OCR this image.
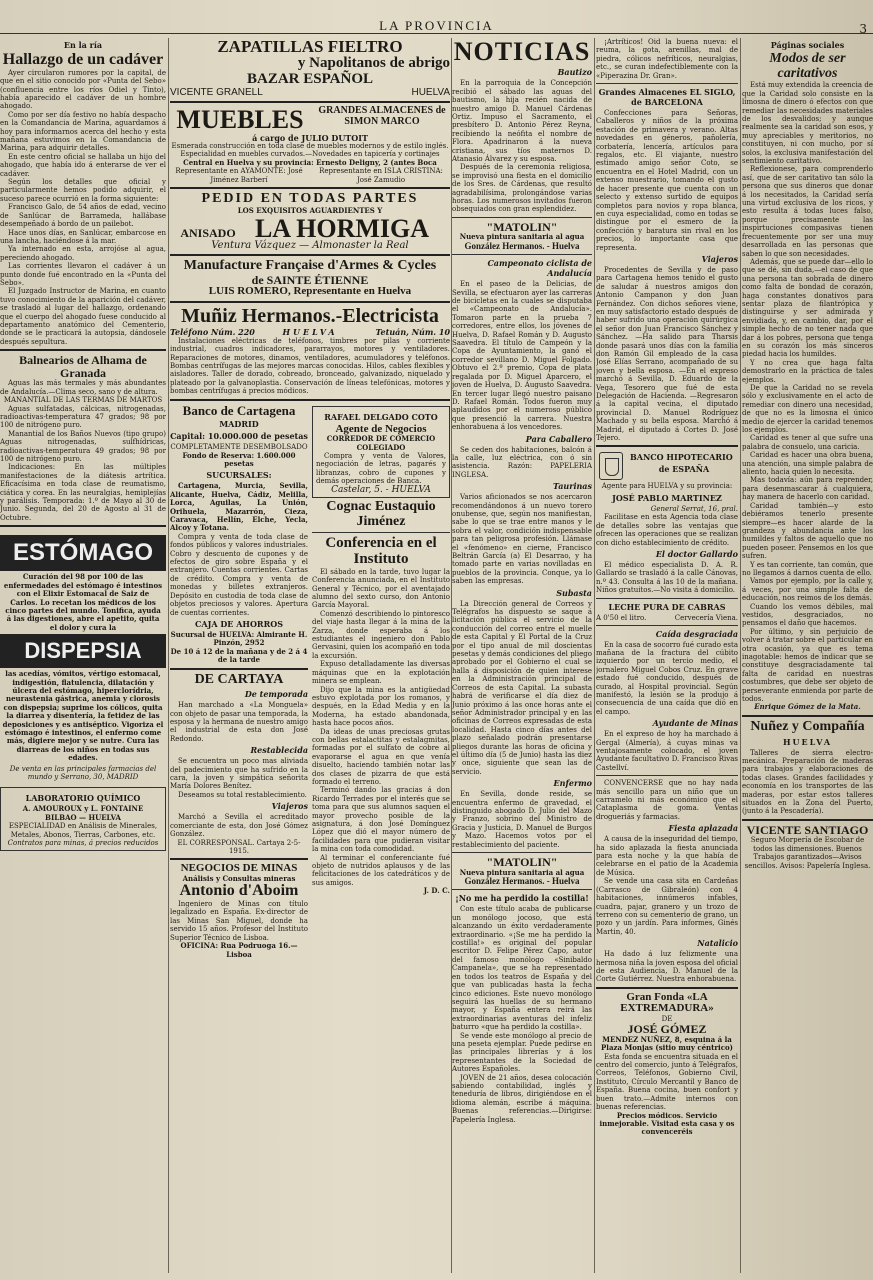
LA PROVINCIA	3
En la ría
Hallazgo de un cadáver

Ayer circularon rumores por la capital, de que en el sitio conocido por «Punta del Sebo» (confluencia entre los ríos Odiel y Tinto), había aparecido el cadáver de un hombre ahogado.

Como por ser día festivo no había despacho en la Comandancia de Marina, aguardamos á hoy para informarnos acerca del hecho y esta mañana estuvimos en la Comandancia de Marina, para adquirir detalles.

En este centro oficial se hallaba un hijo del ahogado, que había ido á enterarse de ver el cadáver.

Según los detalles que oficial y particularmente hemos podido adquirir, el suceso parece ocurrió en la forma siguiente:

Francisco Galo, de 54 años de edad, vecino de Sanlúcar de Barrameda, hallábase desempeñado á bordo de un pailebot.

Hace unos días, en Sanlúcar, embarcose en una lancha, haciéndose á la mar.

Ya internado en esta, arrojóse al agua, pereciendo ahogado.

Las corrientes llevaron el cadáver á un punto donde fué encontrado en la «Punta del Sebo».

El Juzgado Instructor de Marina, en cuanto tuvo conocimiento de la aparición del cadáver, se trasladó al lugar del hallazgo, ordenando que el cuerpo del ahogado fuese conducido al departamento anatómico del Cementerio, donde se le practicará la autopsia, dándosele después sepultura.

Balnearios de Alhama de Granada

Aguas las más termales y más abundantes de Andalucía.—Clima seco, sano y de altura.

MANANTIAL DE LAS TERMAS DE MARTOS

Aguas sulfatadas, cálcicas, nitrogenadas, radioactivas-temperatura 47 grados; 98 por 100 de nitrógeno puro.

Manantial de los Baños Nuevos (tipo grupo) Aguas nitrogenadas, sulfhídricas, radioactivas-temperatura 49 grados; 98 por 100 de nitrógeno puro.

Indicaciones: En las múltiples manifestaciones de la diátesis artrítica. Eficacísima en toda clase de reumatismo, ciática y corea. En las neuralgias, hemiplejías y parálisis. Temporada: 1.º de Mayo al 30 de Junio. Segunda, del 20 de Agosto al 31 de Octubre.

ESTÓMAGO

Curación del 98 por 100 de las enfermedades del estómago é intestinos con el Elixir Estomacal de Saiz de Carlos. Lo recetan los médicos de los cinco partes del mundo. Tonifica, ayuda á las digestiones, abre el apetito, quita el dolor y cura la

DISPEPSIA

las acedías, vómitos, vértigo estomacal, indigestión, flatulencia, dilatación y úlcera del estómago, hiperclorídria, neurastenia gástrica, anemia y clorosis con dispepsia; suprime los cólicos, quita la diarrea y disentería, la fetidez de las deposiciones y es antiséptico. Vigoriza el estómago é intestinos, el enfermo come más, digiere mejor y se nutre. Cura las diarreas de los niños en todas sus edades.

De venta en las principales farmacias del mundo y Serrano, 30, MADRID

LABORATORIO QUÍMICO
A. AMOUROUX y L. FONTAINE
BILBAO — HUELVA
ESPECIALIDAD en Análisis de Minerales, Metales, Abonos, Tierras, Carbones, etc.
Contratos para minas, á precios reducidos
ZAPATILLAS FIELTRO
y Napolitanos de abrigo
BAZAR ESPAÑOL
VICENTE GRANELL	HUELVA
MUEBLES	GRANDES ALMACENES de SIMON MARCO
á cargo de JULIO DUTOIT

Esmerada construcción en toda clase de muebles modernos y de estilo inglés. Especialidad en muebles curvados.—Novedades en tapicería y cortinajes

Central en Huelva y su provincia: Ernesto Deligny, 2 (antes Boca

Representante en AYAMONTE: José Jiménez Barberí
Representante en ISLA CRISTINA: José Zamudio
PEDID EN TODAS PARTES
LOS EXQUISITOS AGUARDIENTES Y
ANISADO LA HORMIGA
Ventura Vázquez — Almonaster la Real
Manufacture Française d'Armes & Cycles
de SAINTE ÉTIENNE
LUIS ROMERO, Representante en Huelva
Muñiz Hermanos.-Electricista
Teléfono Núm. 220	HUELVA	Tetuán, Núm. 10

Instalaciones eléctricas de teléfonos, timbres por pilas y corriente industrial, cuadros indicadores, pararrayos, motores y ventiladores. Reparaciones de motores, dinamos, ventiladores, acumuladores y teléfonos. Bombas centrífugas de las mejores marcas conocidas. Hilos, cables flexibles y aisladores. Taller de dorado, cobreado, bronceado, galvanizado, niquelado y plateado por la galvanoplastia. Conservación de líneas telefónicas, motores y bombas centrífugas á precios módicos.

Banco de Cartagena
MADRID
Capital: 10.000.000 de pesetas
COMPLETAMENTE DESEMBOLSADO
Fondo de Reserva: 1.600.000 pesetas
SUCURSALES:

Cartagena, Murcia, Sevilla, Alicante, Huelva, Cádiz, Melilla, Lorca, Aguilas, La Unión, Orihuela, Mazarrón, Cieza, Caravaca, Hellín, Elche, Yecla, Alcoy y Totana.

Compra y venta de toda clase de fondos públicos y valores industriales. Cobro y descuento de cupones y de efectos de giro sobre España y el extranjero. Cuentas corrientes. Cartas de crédito. Compra y venta de monedas y billetes extranjeros. Depósito en custodia de toda clase de objetos preciosos y valores. Apertura de cuentas corrientes.

CAJA DE AHORROS

Sucursal de HUELVA: Almirante H. Pinzón, 2952

De 10 á 12 de la mañana y de 2 á 4 de la tarde

DE CARTAYA

De temporada

Han marchado a «La Monguela» con objeto de pasar una temporada, la esposa y la hermana de nuestro amigo el industrial de esta don José Redondo.

Restablecida

Se encuentra un poco mas aliviada del padecimiento que ha sufrido en la cara, la joven y simpática señorita María Dolores Benítez.

Deseamos su total restablecimiento.

Viajeros

Marchó a Sevilla el acreditado comerciante de esta, don José Gómez González.

EL CORRESPONSAL. Cartaya 2-5-1915.

NEGOCIOS DE MINAS
Análisis y Consultas mineras
Antonio d'Aboim

Ingeniero de Minas con título legalizado en España. Ex-director de las Minas San Miguel, donde ha servido 15 años. Profesor del Instituto Superior Técnico de Lisboa.

OFICINA: Rua Podruoga 16.—Lisboa

RAFAEL DELGADO COTO
Agente de Negocios
CORREDOR DE COMERCIO COLEGIADO

Compra y venta de Valores, negociación de letras, pagarés y libranzas, cobro de cupones y demás operaciones de Banca.

Castelar, 5. - HUELVA
Cognac Eustaquio Jiménez
Conferencia en el Instituto

El sábado en la tarde, tuvo lugar la Conferencia anunciada, en el Instituto General y Técnico, por el aventajado alumno del sexto curso, don Antonio García Mayoral.

Comenzó describiendo lo pintoresco del viaje hasta llegar á la mina de la Zarza, donde esperaba á los estudiantes el ingeniero don Pablo Gervasini, quien los acompañó en toda la excursión.

Expuso detalladamente las diversas máquinas que en la explotación minera se emplean.

Dijo que la mina es la antigüedad estuvo explotada por los romanos, y después, en la Edad Media y en la Moderna, ha estado abandonada, hasta hace pocos años.

Da ideas de unas preciosas grutas con bellas estalactitas y estalagmitas, formadas por el sulfato de cobre al evaporarse el agua en que venía disuelto, haciendo también notar las dos clases de pizarra de que está formado el terreno.

Terminó dando las gracias á don Ricardo Terrades por el interés que se toma para que sus alumnos saquen el mayor provecho posible de la asignatura, á don José Domínguez López que dió el mayor número de facilidades para que pudieran visitar la mina con toda comodidad.

Al terminar el conferenciante fué objeto de nutridos aplausos y de las felicitaciones de los catedráticos y de sus amigos.

J. D. C.

NOTICIAS
Bautizo

En la parroquia de la Concepción recibió el sábado las aguas del bautismo, la hija recién nacida de nuestro amigo D. Manuel Cárdenas Ortiz. Impuso el Sacramento, el presbítero D. Antonio Pérez Reyna, recibiendo la neófita el nombre de Flora. Apadrinaron á la nueva cristiana, sus tíos maternos D. Atanasio Álvarez y su esposa.

Después de la ceremonia religiosa, se improvisó una fiesta en el domicilio de los Sres. de Cárdenas, que resultó agradabilísima, prolongándose varias horas. Los numerosos invitados fueron obsequiados con gran esplendidez.

"MATOLIN"
Nueva pintura sanitaria al agua
González Hermanos. - Huelva
Campeonato ciclista de Andalucía

En el paseo de la Delicias, de Sevilla, se efectuaron ayer las carreras de bicicletas en la cuales se disputaba el «Campeonato de Andalucía». Tomaron parte en la prueba 7 corredores, entre ellos, los jóvenes de Huelva, D. Rafael Román y D. Augusto Saavedra. El título de Campeón y la Copa de Ayuntamiento, la ganó el corredor sevillano D. Miguel Folgado. Obtuvo el 2.º premio, Copa de plata regalada por D. Miguel Aparcero, el joven de Huelva, D. Augusto Saavedra. En tercer lugar llegó nuestro paisano D. Rafael Román. Todos fueron muy aplaudidos por el numeroso público que presenció la carrera. Nuestra enhorabuena á los vencedores.

Para Caballero

Se ceden dos habitaciones, balcón á la calle, luz eléctrica, con ó sin asistencia. Razón: PAPELERIA INGLESA.

Taurinas

Varios aficionados se nos acercaron recomendándonos á un nuevo torero onubense, que, según nos manifiestan, sabe lo que se trae entre manos y le sobra el valor, condición indispensable para tan peligrosa profesión. Llámase el «fenómeno» en cierne, Francisco Beltrán García (a) El Desarrao, y ha tomado parte en varias novilladas en pueblos de la provincia. Conque, ya lo saben las empresas.

Subasta

La Dirección general de Correos y Telégrafos ha dispuesto se saque á licitación pública el servicio de la conducción del correo entre el muelle de esta Capital y El Portal de la Cruz por el tipo anual de mil doscientas pesetas y demás condiciones del pliego aprobado por el Gobierno el cual se halla á disposición de quien interese en la Administración principal de Correos de esta Capital. La subasta habrá de verificarse el día diez de Junio próximo á las once horas ante el señor Administrador principal y en las oficinas de Correos expresadas de esta localidad. Hasta cinco días antes del plazo señalado podrán presentarse pliegos durante las horas de oficina y el último día (5 de Junio) hasta las diez y once, siguiente que sean las de servicio.

Enfermo

En Sevilla, donde reside, se encuentra enfermo de gravedad, el distinguido abogado D. Julio del Mazo y Franzo, sobrino del Ministro de Gracia y Justicia, D. Manuel de Burgos y Mazo. Hacemos votos por el restablecimiento del paciente.

"MATOLIN"
Nueva pintura sanitaria al agua
González Hermanos. - Huelva
¡No me ha perdido la costilla!

Con este título acaba de publicarse un monólogo jocoso, que está alcanzando un éxito verdaderamente extraordinario. «¡Se me ha perdido la costilla!» es original del popular escritor D. Felipe Pérez Capo, autor del famoso monólogo «Sinibaldo Campanela», que se ha representado en todos los teatros de España y del que van publicadas hasta la fecha cinco ediciones. Este nuevo monólogo seguirá las huellas de su hermano mayor, y España entera reirá las extraordinarias aventuras del infeliz baturro «que ha perdido la costilla».

Se vende este monólogo al precio de una peseta ejemplar. Puede pedirse en las principales librerías y á los representantes de la Sociedad de Autores Españoles.

JOVEN de 21 años, desea colocación sabiendo contabilidad, inglés y teneduría de libros, dirigiéndose en el idioma alemán, escribe á máquina. Buenas referencias.—Dirigirse: Papelería Inglesa.

¡Artríticos! Oid la buena nueva: el reuma, la gota, arenillas, mal de piedra, cólicos nefríticos, neuralgias, etc., se curan indefectiblemente con la «Piperazina Dr. Gran».

Grandes Almacenes EL SIGLO, de BARCELONA

Confecciones para Señoras, Caballeros y niños de la próxima estación de primavera y verano. Altas novedades en géneros, pañolería, corbatería, lencería, artículos para regalos, etc. El viajante, nuestro estimado amigo señor Coto, se encuentra en el Hotel Madrid, con un extenso muestrario, tomando el gusto de hacer presente que cuenta con un selecto y extenso surtido de equipos completos para novios y ropa blanca, en cuya especialidad, como en todas se distingue por el esmero de la confección y baratura sin rival en los precios, lo importante casa que representa.

Viajeros

Procedentes de Sevilla y de paso para Cartagena hemos tenido el gusto de saludar á nuestros amigos don Antonio Campanon y don Juan Fernández. Con dichos señores viene, en muy satisfactorio estado después de haber sufrido una operación quirúrgica el señor don Juan Francisco Sánchez y Sánchez. —Ha salido para Tharsis donde pasará unos días con la familia don Ramón Gil empleado de la casa José Elías Serrano, acompañado de su joven y bella esposa. —En el expreso marchó á Sevilla, D. Eduardo de la Vega, Tesorero que fué de esta Delegación de Hacienda. —Regresaron á la capital vecina, el diputado provincial D. Manuel Rodríguez Machado y su bella esposa. Marchó á Madrid, el diputado á Cortes D. José Tejero.

BANCO HIPOTECARIO
de ESPAÑA
Agente para HUELVA y su provincia:
JOSÉ PABLO MARTINEZ
General Serrat, 16, pral.

Facilitase en esta Agencia toda clase de detalles sobre las ventajas que ofrecen las operaciones que se realizan con dicho establecimiento de crédito.

El doctor Gallardo

El médico especialista D. A. R. Gallardo se trasladó á la calle Cánovas, n.º 43. Consulta á las 10 de la mañana. Niños gratuitos.—No visita á domicilio.

LECHE PURA DE CABRAS
A 0'50 el litro.	Cervecería Viena.
Caída desgraciada

En la casa de socorro fué curado esta mañana de la fractura del cúbito izquierdo por un tercio medio, el jornalero Miguel Cobos Cruz. En grave estado fué conducido, después de curado, al Hospital provincial. Según manifestó, la lesión se la produjo á consecuencia de una caída que dió en el campo.

Ayudante de Minas

En el expreso de hoy ha marchado á Gergal (Almería), á cuyas minas va ventajosamente colocado, el joven Ayudante facultativo D. Francisco Rivas Castellví.

CONVENCERSE que no hay nada más sencillo para un niño que un carramelo ni más económico que el Cataplasma de goma. Ventas drogueriás y farmacias.

Fiesta aplazada

A causa de la inseguridad del tiempo, ha sido aplazada la fiesta anunciada para esta noche y la que había de celebrarse en el patio de la Academia de Música.

Se vende una casa sita en Cardeñas (Carrasco de Gibraleón) con 4 habitaciones, innúmeros infables, cuadra, pajar, granero y un trozo de terreno con su cementerio de grano, un pozo y un jardín. Para informes, Ginés Martin, 40.

Natalicio

Ha dado á luz felizmente una hermosa niña la joven esposa del oficial de esta Audiencia, D. Manuel de la Corte Gutiérrez. Nuestra enhorabuena.

Gran Fonda «LA EXTREMADURA»
DE
JOSÉ GÓMEZ
MENDEZ NUÑEZ, 8, esquina á la Plaza Monjas (sitio muy céntrico)

Esta fonda se encuentra situada en el centro del comercio, junto á Telégrafos, Correos, Teléfonos, Gobierno Civil, Instituto, Círculo Mercantil y Banco de España. Buena cocina, buen confort y buen trato.—Admite internos con buenas referencias.

Precios módicos. Servicio inmejorable. Visitad esta casa y os convenceréis

Páginas sociales
Modos de ser caritativos

Está muy extendida la creencia de que la Caridad solo consiste en la limosna de dinero ó efectos con que remediar las necesidades materiales de los desvalidos; y aunque realmente sea la caridad son esos, y muy apreciables y meritorios, no constituyen, ni con mucho, por sí solos, la exclusiva manifestación del sentimiento caritativo.

Reflexionese, para comprenderlo así, que de ser caritativo tan sólo la persona que sus dineros que donar á los necesitados, la Caridad sería una virtud exclusiva de los ricos, y esto resulta á todas luces falso, porque precisamente las inspirtuciones compasivas tienen frecuentemente por ser una muy desarrollada en las personas que saben lo que son necesidades.

Además, que se puede dar—ello lo que se dé, sin duda,—el caso de que una persona tan sobrada de dinero como falta de bondad de corazón, haga constantes donativos para sentar plaza de filantrópica y distinguirse y ser admirada y envidiada, y, en cambio, dar, por el simple hecho de no tener nada que dar á los pobres, persona que tenga en su corazón los más sinceros piedad hacia los humildes.

Y no crea que haga falta demostrarlo en la práctica de tales ejemplos.

De que la Caridad no se revela sólo y exclusivamente en el acto de remediar con dinero una necesidad, de que no es la limosna el único medio de ejercer la caridad tenemos los ejemplos.

Caridad es tener al que sufre una palabra de consuelo, una caricia.

Caridad es hacer una obra buena, una atención, una simple palabra de aliento, hacia quien lo necesita.

Mas todavía: aún para reprender, para desenmascarar á cualquiera, hay manera de hacerlo con caridad.

Caridad también—y esto debiéramos tenerlo presente siempre—es hacer alarde de la grandeza y abundancia ante los humildes y faltos de aquello que no pueden poseer. Pensemos en los que sufren.

Y es tan corriente, tan común, que no llegamos á darnos cuenta de ello.

Vamos por ejemplo, por la calle y, á veces, por una simple falta de educación, nos reimos de los demás.

Cuando los vemos débiles, mal vestidos, desgraciados, no pensamos el daño que hacemos.

Por último, y sin perjuicio de volver á tratar sobre el particular en otra ocasión, ya que es tema inagotable: hemos de indicar que se constituye desgraciadamente tal falta de caridad en nuestras costumbres, que debe ser objeto de perseverante enmienda por parte de todos.

Enrique Gómez de la Mata.

Nuñez y Compañía
HUELVA

Talleres de sierra electro-mecánica. Preparación de maderas para trabajos y elaboraciones de todas clases. Grandes facilidades y economía en los transportes de las maderas, por estar estos talleres situados en la Zona del Puerto, (junto á la Pescadería).

VICENTE SANTIAGO

Seguro Morpería de Escobar de todos las dimensiones. Buenos Trabajos garantizados—Avisos sencillos. Avisos: Papelería Inglesa.
